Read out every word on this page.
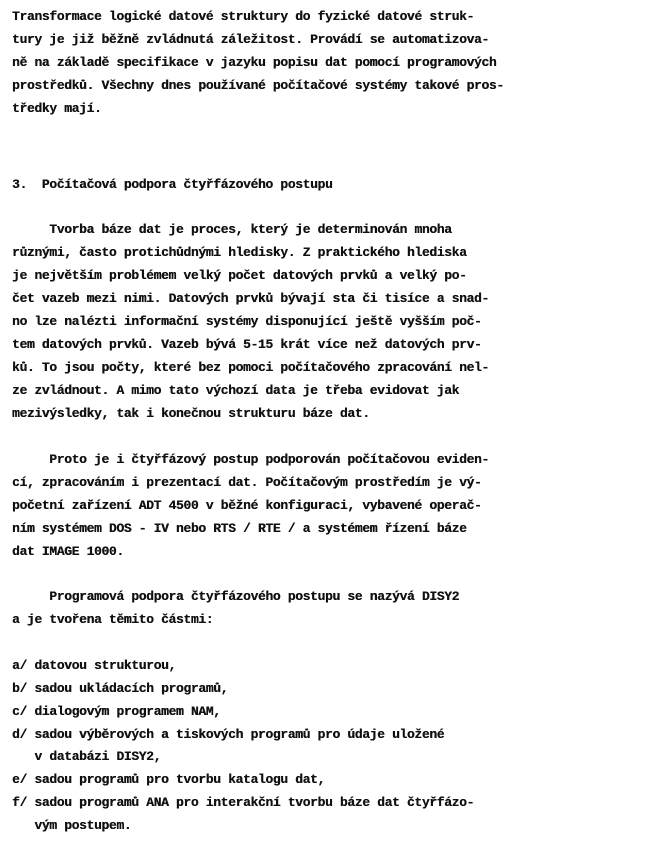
Transformace logické datové struktury do fyzické datové struk-
tury je již běžně zvládnutá záležitost. Provádí se automatizova-
ně na základě specifikace v jazyku popisu dat pomocí programových
prostředků. Všechny dnes používané počítačové systémy takové pros-
tředky mají.
3.  Počítačová podpora čtyřfázového postupu
Tvorba báze dat je proces, který je determinován mnoha
různými, často protichůdnými hledisky. Z praktického hlediska
je největším problémem velký počet datových prvků a velký po-
čet vazeb mezi nimi. Datových prvků bývají sta či tisíce a snad-
no lze nalézti informační systémy disponující ještě vyšším poč-
tem datových prvků. Vazeb bývá 5-15 krát více než datových prv-
ků. To jsou počty, které bez pomoci počítačového zpracování nel-
ze zvládnout. A mimo tato výchozí data je třeba evidovat jak
mezivýsledky, tak i konečnou strukturu báze dat.
Proto je i čtyřfázový postup podporován počítačovou eviden-
cí, zpracováním i prezentací dat. Počítačovým prostředím je vý-
početní zařízení ADT 4500 v běžné konfiguraci, vybavené operač-
ním systémem DOS - IV nebo RTS / RTE / a systémem řízení báze
dat IMAGE 1000.
Programová podpora čtyřfázového postupu se nazývá DISY2
a je tvořena těmito částmi:
a/ datovou strukturou,
b/ sadou ukládacích programů,
c/ dialogovým programem NAM,
d/ sadou výběrových a tiskových programů pro údaje uložené
v databázi DISY2,
e/ sadou programů pro tvorbu katalogu dat,
f/ sadou programů ANA pro interakční tvorbu báze dat čtyřfázo-
vým postupem.
